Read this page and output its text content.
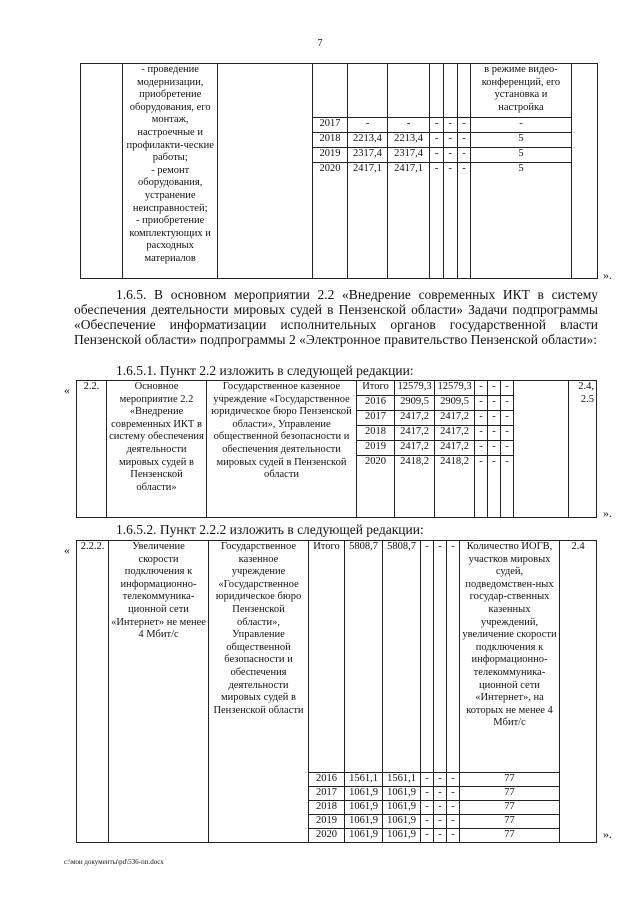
7
	- проведение модернизации, приобретение оборудования, его монтаж, настроечные и профилакти-ческие работы;
- ремонт оборудования, устранение неисправностей;
- приобретение комплектующих и расходных материалов								в режиме видео-конференций, его установка и настройка	
			2017	-	-	-	-	-	-	
			2018	2213,4	2213,4	-	-	-	5	
			2019	2317,4	2317,4	-	-	-	5	
			2020	2417,1	2417,1	-	-	-	5	
».
1.6.5. В основном мероприятии 2.2 «Внедрение современных ИКТ в систему обеспечения деятельности мировых судей в Пензенской области» Задачи подпрограммы «Обеспечение информатизации исполнительных органов государственной власти Пензенской области» подпрограммы 2 «Электронное правительство Пензенской области»:
1.6.5.1. Пункт 2.2 изложить в следующей редакции:
« 2.2.	Основное мероприятие 2.2 «Внедрение современных ИКТ в систему обеспечения деятельности мировых судей в Пензенской области»	Государственное казенное учреждение «Государственное юридическое бюро Пензенской области», Управление общественной безопасности и обеспечения деятельности мировых судей в Пензенской области	Итого	12579,3	12579,3	-	-	-		2.4, 2.5
			2016	2909,5	2909,5	-	-	-		
			2017	2417,2	2417,2	-	-	-		
			2018	2417,2	2417,2	-	-	-		
			2019	2417,2	2417,2	-	-	-		
			2020	2418,2	2418,2	-	-	-		
».
1.6.5.2. Пункт 2.2.2 изложить в следующей редакции:
« 2.2.2.	Увеличение скорости подключения к информационно-телекоммуника-ционной сети «Интернет» не менее 4 Мбит/с	Государственное казенное учреждение «Государственное юридическое бюро Пензенской области», Управление общественной безопасности и обеспечения деятельности мировых судей в Пензенской области	Итого	5808,7	5808,7	-	-	-	Количество ИОГВ, участков мировых судей, подведомствен-ных государ-ственных казенных учреждений, увеличение скорости подключения к информационно-телекоммуника-ционной сети «Интернет», на которых не менее 4 Мбит/с	2.4
			2016	1561,1	1561,1	-	-	-	77	
			2017	1061,9	1061,9	-	-	-	77	
			2018	1061,9	1061,9	-	-	-	77	
			2019	1061,9	1061,9	-	-	-	77	
			2020	1061,9	1061,9	-	-	-	77		».
c:\мои документы\pd\536-пп.docx
